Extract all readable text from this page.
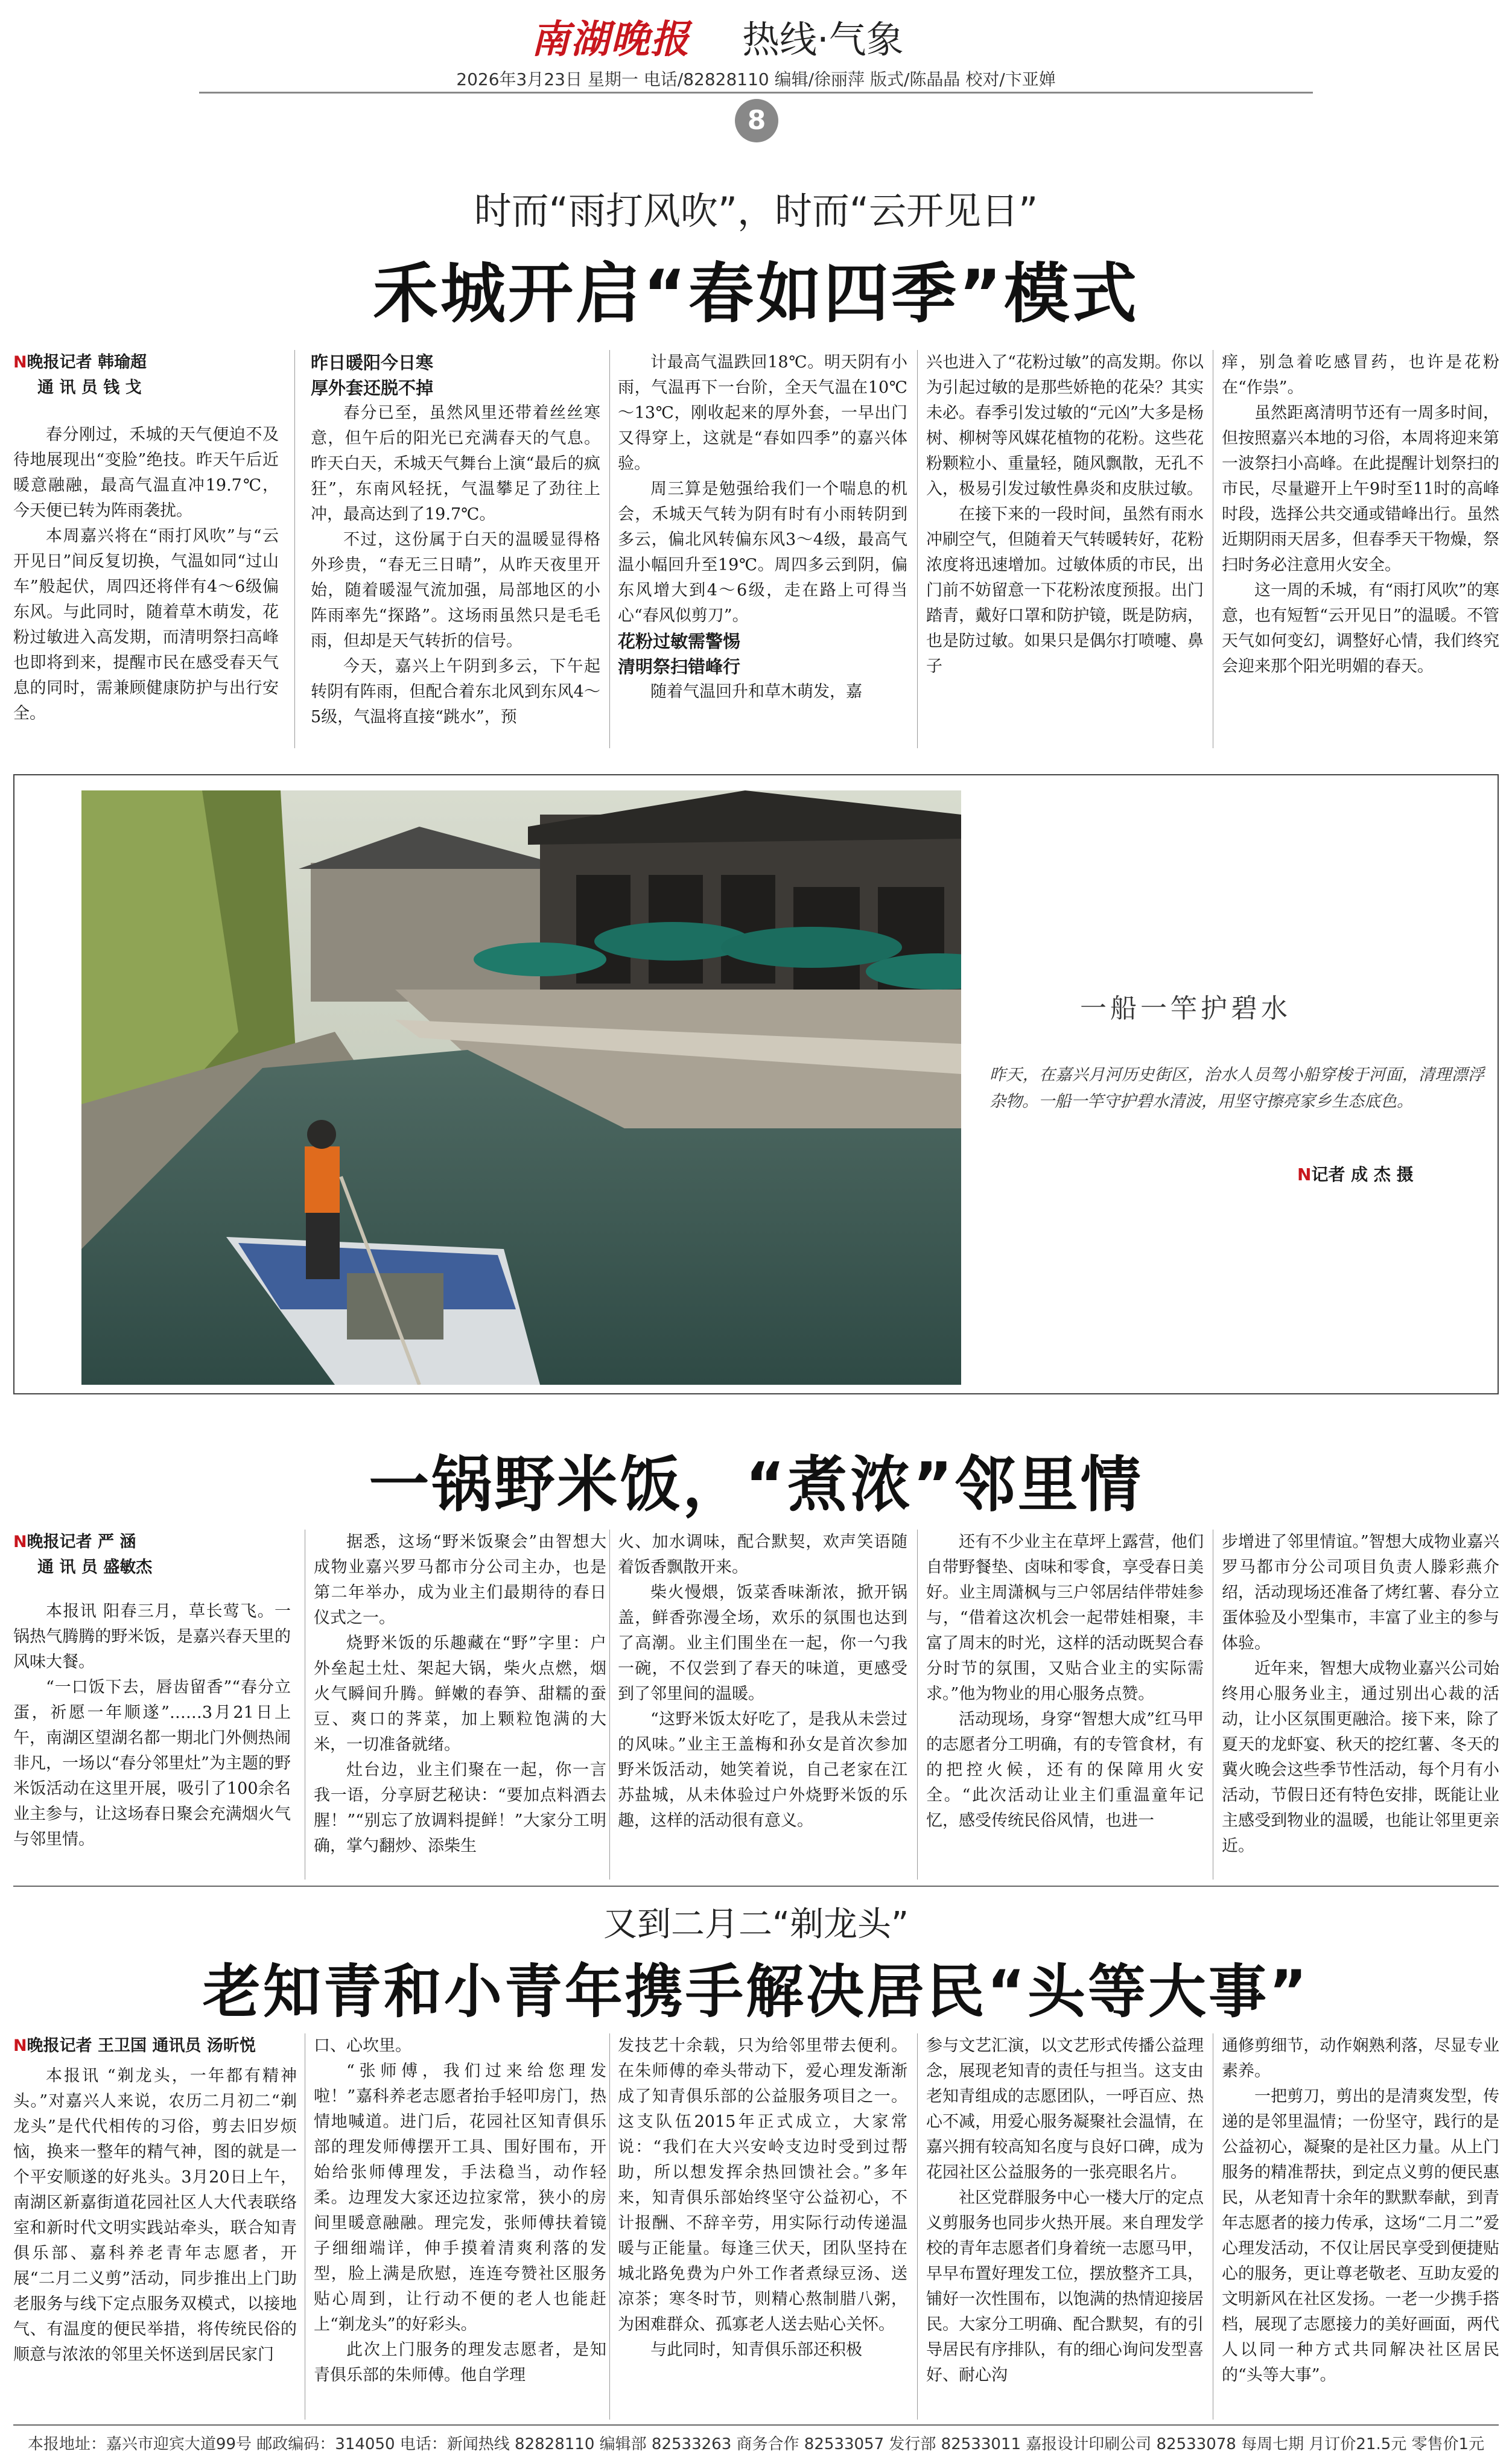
南湖晚报 热线·气象
2026年3月23日 星期一 电话/82828110 编辑/徐丽萍 版式/陈晶晶 校对/卞亚婵
8
时而“雨打风吹”，时而“云开见日”
禾城开启“春如四季”模式
N晚报记者 韩瑜超
通 讯 员 钱 戈

春分刚过，禾城的天气便迫不及待地展现出“变脸”绝技。昨天午后近暖意融融，最高气温直冲19.7℃，今天便已转为阵雨袭扰。

本周嘉兴将在“雨打风吹”与“云开见日”间反复切换，气温如同“过山车”般起伏，周四还将伴有4～6级偏东风。与此同时，随着草木萌发，花粉过敏进入高发期，而清明祭扫高峰也即将到来，提醒市民在感受春天气息的同时，需兼顾健康防护与出行安全。

昨日暖阳今日寒
厚外套还脱不掉

春分已至，虽然风里还带着丝丝寒意，但午后的阳光已充满春天的气息。昨天白天，禾城天气舞台上演“最后的疯狂”，东南风轻抚，气温攀足了劲往上冲，最高达到了19.7℃。

不过，这份属于白天的温暖显得格外珍贵，“春无三日晴”，从昨天夜里开始，随着暖湿气流加强，局部地区的小阵雨率先“探路”。这场雨虽然只是毛毛雨，但却是天气转折的信号。

今天，嘉兴上午阴到多云，下午起转阴有阵雨，但配合着东北风到东风4～5级，气温将直接“跳水”，预

计最高气温跌回18℃。明天阴有小雨，气温再下一台阶，全天气温在10℃～13℃，刚收起来的厚外套，一早出门又得穿上，这就是“春如四季”的嘉兴体验。

周三算是勉强给我们一个喘息的机会，禾城天气转为阴有时有小雨转阴到多云，偏北风转偏东风3～4级，最高气温小幅回升至19℃。周四多云到阴，偏东风增大到4～6级，走在路上可得当心“春风似剪刀”。

花粉过敏需警惕
清明祭扫错峰行

随着气温回升和草木萌发，嘉

兴也进入了“花粉过敏”的高发期。你以为引起过敏的是那些娇艳的花朵？其实未必。春季引发过敏的“元凶”大多是杨树、柳树等风媒花植物的花粉。这些花粉颗粒小、重量轻，随风飘散，无孔不入，极易引发过敏性鼻炎和皮肤过敏。

在接下来的一段时间，虽然有雨水冲刷空气，但随着天气转暖转好，花粉浓度将迅速增加。过敏体质的市民，出门前不妨留意一下花粉浓度预报。出门踏青，戴好口罩和防护镜，既是防病，也是防过敏。如果只是偶尔打喷嚏、鼻子

痒，别急着吃感冒药，也许是花粉在“作祟”。

虽然距离清明节还有一周多时间，但按照嘉兴本地的习俗，本周将迎来第一波祭扫小高峰。在此提醒计划祭扫的市民，尽量避开上午9时至11时的高峰时段，选择公共交通或错峰出行。虽然近期阴雨天居多，但春季天干物燥，祭扫时务必注意用火安全。

这一周的禾城，有“雨打风吹”的寒意，也有短暂“云开见日”的温暖。不管天气如何变幻，调整好心情，我们终究会迎来那个阳光明媚的春天。

一船一竿护碧水
昨天，在嘉兴月河历史街区，治水人员驾小船穿梭于河面，清理漂浮杂物。一船一竿守护碧水清波，用坚守擦亮家乡生态底色。
N记者 成 杰 摄
一锅野米饭，“煮浓”邻里情
N晚报记者 严 涵
通 讯 员 盛敏杰

本报讯 阳春三月，草长莺飞。一锅热气腾腾的野米饭，是嘉兴春天里的风味大餐。

“一口饭下去，唇齿留香”“春分立蛋，祈愿一年顺遂”……3月21日上午，南湖区望湖名都一期北门外侧热闹非凡，一场以“春分邻里灶”为主题的野米饭活动在这里开展，吸引了100余名业主参与，让这场春日聚会充满烟火气与邻里情。

据悉，这场“野米饭聚会”由智想大成物业嘉兴罗马都市分公司主办，也是第二年举办，成为业主们最期待的春日仪式之一。

烧野米饭的乐趣藏在“野”字里：户外垒起土灶、架起大锅，柴火点燃，烟火气瞬间升腾。鲜嫩的春笋、甜糯的蚕豆、爽口的荠菜，加上颗粒饱满的大米，一切准备就绪。

灶台边，业主们聚在一起，你一言我一语，分享厨艺秘诀：“要加点料酒去腥！”“别忘了放调料提鲜！”大家分工明确，掌勺翻炒、添柴生

火、加水调味，配合默契，欢声笑语随着饭香飘散开来。

柴火慢煨，饭菜香味渐浓，掀开锅盖，鲜香弥漫全场，欢乐的氛围也达到了高潮。业主们围坐在一起，你一勺我一碗，不仅尝到了春天的味道，更感受到了邻里间的温暖。

“这野米饭太好吃了，是我从未尝过的风味。”业主王盖梅和孙女是首次参加野米饭活动，她笑着说，自己老家在江苏盐城，从未体验过户外烧野米饭的乐趣，这样的活动很有意义。

还有不少业主在草坪上露营，他们自带野餐垫、卤味和零食，享受春日美好。业主周潇枫与三户邻居结伴带娃参与，“借着这次机会一起带娃相聚，丰富了周末的时光，这样的活动既契合春分时节的氛围，又贴合业主的实际需求。”他为物业的用心服务点赞。

活动现场，身穿“智想大成”红马甲的志愿者分工明确，有的专管食材，有的把控火候，还有的保障用火安全。“此次活动让业主们重温童年记忆，感受传统民俗风情，也进一

步增进了邻里情谊。”智想大成物业嘉兴罗马都市分公司项目负责人滕彩燕介绍，活动现场还准备了烤红薯、春分立蛋体验及小型集市，丰富了业主的参与体验。

近年来，智想大成物业嘉兴公司始终用心服务业主，通过别出心裁的活动，让小区氛围更融洽。接下来，除了夏天的龙虾宴、秋天的挖红薯、冬天的冀火晚会这些季节性活动，每个月有小活动，节假日还有特色安排，既能让业主感受到物业的温暖，也能让邻里更亲近。

又到二月二“剃龙头”
老知青和小青年携手解决居民“头等大事”
N晚报记者 王卫国 通讯员 汤昕悦

本报讯 “剃龙头，一年都有精神头。”对嘉兴人来说，农历二月初二“剃龙头”是代代相传的习俗，剪去旧岁烦恼，换来一整年的精气神，图的就是一个平安顺遂的好兆头。3月20日上午，南湖区新嘉街道花园社区人大代表联络室和新时代文明实践站牵头，联合知青俱乐部、嘉科养老青年志愿者，开展“二月二义剪”活动，同步推出上门助老服务与线下定点服务双模式，以接地气、有温度的便民举措，将传统民俗的顺意与浓浓的邻里关怀送到居民家门

口、心坎里。

“张师傅，我们过来给您理发啦！”嘉科养老志愿者抬手轻叩房门，热情地喊道。进门后，花园社区知青俱乐部的理发师傅摆开工具、围好围布，开始给张师傅理发，手法稳当，动作轻柔。边理发大家还边拉家常，狭小的房间里暖意融融。理完发，张师傅扶着镜子细细端详，伸手摸着清爽利落的发型，脸上满是欣慰，连连夸赞社区服务贴心周到，让行动不便的老人也能赶上“剃龙头”的好彩头。

此次上门服务的理发志愿者，是知青俱乐部的朱师傅。他自学理

发技艺十余载，只为给邻里带去便利。在朱师傅的牵头带动下，爱心理发渐渐成了知青俱乐部的公益服务项目之一。这支队伍2015年正式成立，大家常说：“我们在大兴安岭支边时受到过帮助，所以想发挥余热回馈社会。”多年来，知青俱乐部始终坚守公益初心，不计报酬、不辞辛劳，用实际行动传递温暖与正能量。每逢三伏天，团队坚持在城北路免费为户外工作者煮绿豆汤、送凉茶；寒冬时节，则精心熬制腊八粥，为困难群众、孤寡老人送去贴心关怀。

与此同时，知青俱乐部还积极

参与文艺汇演，以文艺形式传播公益理念，展现老知青的责任与担当。这支由老知青组成的志愿团队，一呼百应、热心不减，用爱心服务凝聚社会温情，在嘉兴拥有较高知名度与良好口碑，成为花园社区公益服务的一张亮眼名片。

社区党群服务中心一楼大厅的定点义剪服务也同步火热开展。来自理发学校的青年志愿者们身着统一志愿马甲，早早布置好理发工位，摆放整齐工具，铺好一次性围布，以饱满的热情迎接居民。大家分工明确、配合默契，有的引导居民有序排队，有的细心询问发型喜好、耐心沟

通修剪细节，动作娴熟利落，尽显专业素养。

一把剪刀，剪出的是清爽发型，传递的是邻里温情；一份坚守，践行的是公益初心，凝聚的是社区力量。从上门服务的精准帮扶，到定点义剪的便民惠民，从老知青十余年的默默奉献，到青年志愿者的接力传承，这场“二月二”爱心理发活动，不仅让居民享受到便捷贴心的服务，更让尊老敬老、互助友爱的文明新风在社区发扬。一老一少携手搭档，展现了志愿接力的美好画面，两代人以同一种方式共同解决社区居民的“头等大事”。

本报地址：嘉兴市迎宾大道99号 邮政编码：314050 电话：新闻热线 82828110 编辑部 82533263 商务合作 82533057 发行部 82533011 嘉报设计印刷公司 82533078 每周七期 月订价21.5元 零售价1元
